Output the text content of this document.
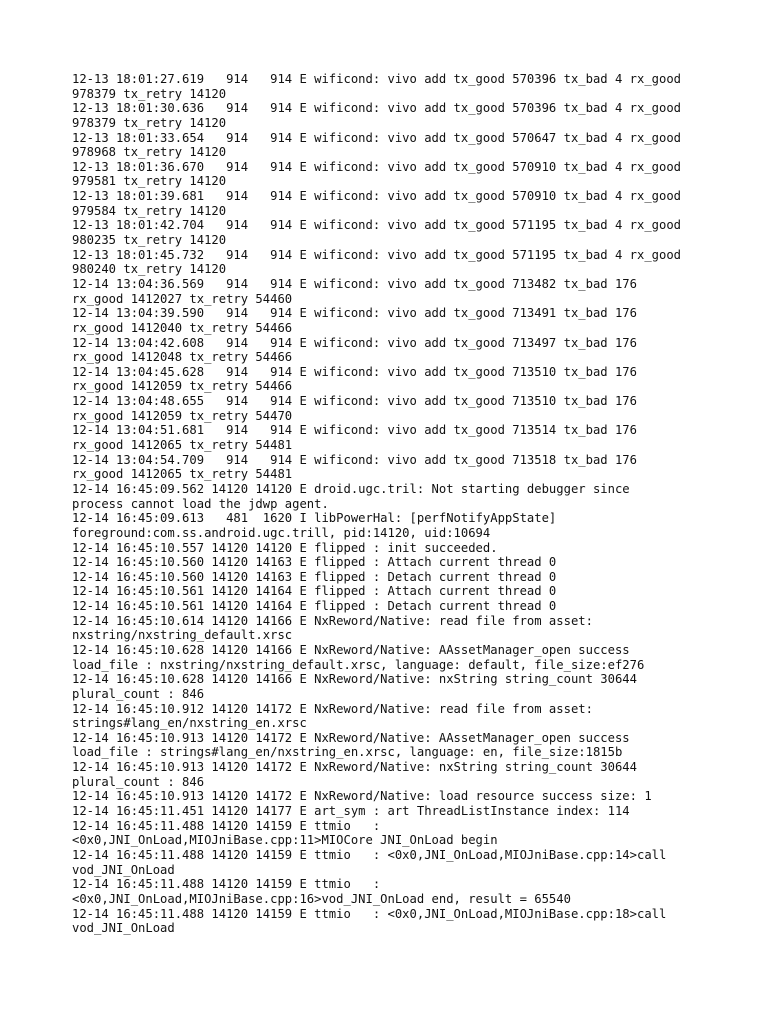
12-13 18:01:27.619   914   914 E wificond: vivo add tx_good 570396 tx_bad 4 rx_good
978379 tx_retry 14120
12-13 18:01:30.636   914   914 E wificond: vivo add tx_good 570396 tx_bad 4 rx_good
978379 tx_retry 14120
12-13 18:01:33.654   914   914 E wificond: vivo add tx_good 570647 tx_bad 4 rx_good
978968 tx_retry 14120
12-13 18:01:36.670   914   914 E wificond: vivo add tx_good 570910 tx_bad 4 rx_good
979581 tx_retry 14120
12-13 18:01:39.681   914   914 E wificond: vivo add tx_good 570910 tx_bad 4 rx_good
979584 tx_retry 14120
12-13 18:01:42.704   914   914 E wificond: vivo add tx_good 571195 tx_bad 4 rx_good
980235 tx_retry 14120
12-13 18:01:45.732   914   914 E wificond: vivo add tx_good 571195 tx_bad 4 rx_good
980240 tx_retry 14120
12-14 13:04:36.569   914   914 E wificond: vivo add tx_good 713482 tx_bad 176
rx_good 1412027 tx_retry 54460
12-14 13:04:39.590   914   914 E wificond: vivo add tx_good 713491 tx_bad 176
rx_good 1412040 tx_retry 54466
12-14 13:04:42.608   914   914 E wificond: vivo add tx_good 713497 tx_bad 176
rx_good 1412048 tx_retry 54466
12-14 13:04:45.628   914   914 E wificond: vivo add tx_good 713510 tx_bad 176
rx_good 1412059 tx_retry 54466
12-14 13:04:48.655   914   914 E wificond: vivo add tx_good 713510 tx_bad 176
rx_good 1412059 tx_retry 54470
12-14 13:04:51.681   914   914 E wificond: vivo add tx_good 713514 tx_bad 176
rx_good 1412065 tx_retry 54481
12-14 13:04:54.709   914   914 E wificond: vivo add tx_good 713518 tx_bad 176
rx_good 1412065 tx_retry 54481
12-14 16:45:09.562 14120 14120 E droid.ugc.tril: Not starting debugger since
process cannot load the jdwp agent.
12-14 16:45:09.613   481  1620 I libPowerHal: [perfNotifyAppState]
foreground:com.ss.android.ugc.trill, pid:14120, uid:10694
12-14 16:45:10.557 14120 14120 E flipped : init succeeded.
12-14 16:45:10.560 14120 14163 E flipped : Attach current thread 0
12-14 16:45:10.560 14120 14163 E flipped : Detach current thread 0
12-14 16:45:10.561 14120 14164 E flipped : Attach current thread 0
12-14 16:45:10.561 14120 14164 E flipped : Detach current thread 0
12-14 16:45:10.614 14120 14166 E NxReword/Native: read file from asset:
nxstring/nxstring_default.xrsc
12-14 16:45:10.628 14120 14166 E NxReword/Native: AAssetManager_open success
load_file : nxstring/nxstring_default.xrsc, language: default, file_size:ef276
12-14 16:45:10.628 14120 14166 E NxReword/Native: nxString string_count 30644
plural_count : 846
12-14 16:45:10.912 14120 14172 E NxReword/Native: read file from asset:
strings#lang_en/nxstring_en.xrsc
12-14 16:45:10.913 14120 14172 E NxReword/Native: AAssetManager_open success
load_file : strings#lang_en/nxstring_en.xrsc, language: en, file_size:1815b
12-14 16:45:10.913 14120 14172 E NxReword/Native: nxString string_count 30644
plural_count : 846
12-14 16:45:10.913 14120 14172 E NxReword/Native: load resource success size: 1
12-14 16:45:11.451 14120 14177 E art_sym : art ThreadListInstance index: 114
12-14 16:45:11.488 14120 14159 E ttmio   :
<0x0,JNI_OnLoad,MIOJniBase.cpp:11>MIOCore JNI_OnLoad begin
12-14 16:45:11.488 14120 14159 E ttmio   : <0x0,JNI_OnLoad,MIOJniBase.cpp:14>call
vod_JNI_OnLoad
12-14 16:45:11.488 14120 14159 E ttmio   :
<0x0,JNI_OnLoad,MIOJniBase.cpp:16>vod_JNI_OnLoad end, result = 65540
12-14 16:45:11.488 14120 14159 E ttmio   : <0x0,JNI_OnLoad,MIOJniBase.cpp:18>call
vod_JNI_OnLoad
